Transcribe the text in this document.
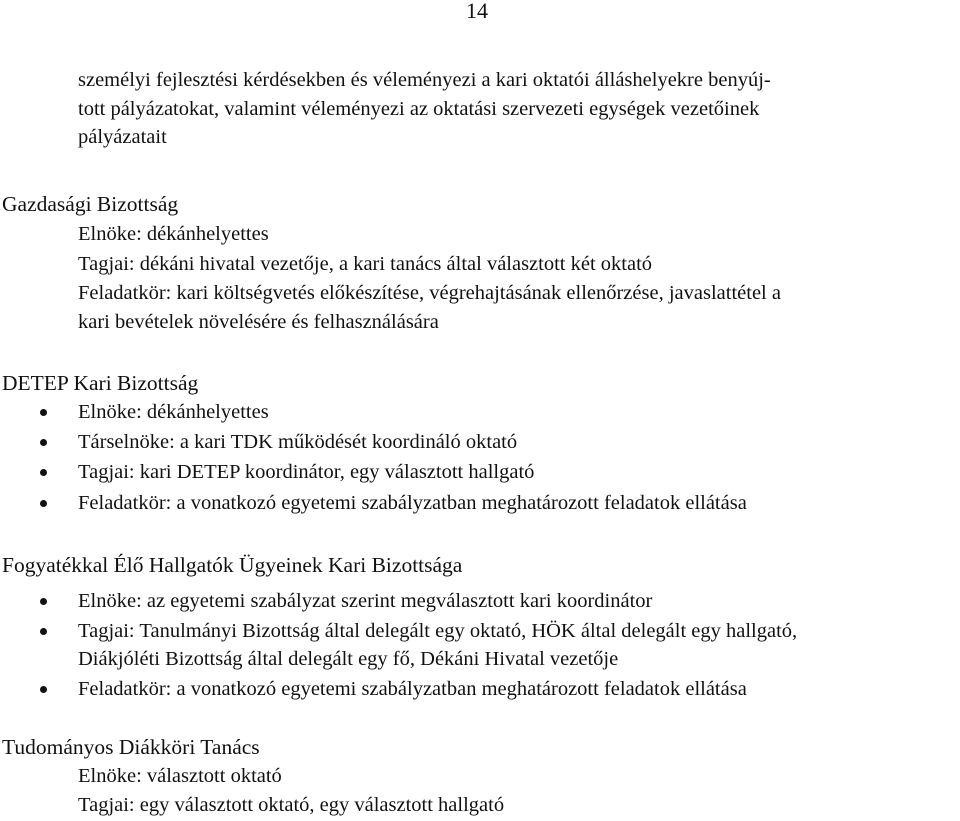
14
személyi fejlesztési kérdésekben és véleményezi a kari oktatói álláshelyekre benyúj-
tott pályázatokat, valamint véleményezi az oktatási szervezeti egységek vezetőinek
pályázatait
Gazdasági Bizottság
Elnöke: dékánhelyettes
Tagjai: dékáni hivatal vezetője, a kari tanács által választott két oktató
Feladatkör: kari költségvetés előkészítése, végrehajtásának ellenőrzése, javaslattétel a
kari bevételek növelésére és felhasználására
DETEP Kari Bizottság
Elnöke: dékánhelyettes
Társelnöke: a kari TDK működését koordináló oktató
Tagjai: kari DETEP koordinátor, egy választott hallgató
Feladatkör: a vonatkozó egyetemi szabályzatban meghatározott feladatok ellátása
Fogyatékkal Élő Hallgatók Ügyeinek Kari Bizottsága
Elnöke: az egyetemi szabályzat szerint megválasztott kari koordinátor
Tagjai: Tanulmányi Bizottság által delegált egy oktató, HÖK által delegált egy hallgató,
Diákjóléti Bizottság által delegált egy fő, Dékáni Hivatal vezetője
Feladatkör: a vonatkozó egyetemi szabályzatban meghatározott feladatok ellátása
Tudományos Diákköri Tanács
Elnöke: választott oktató
Tagjai: egy választott oktató, egy választott hallgató
